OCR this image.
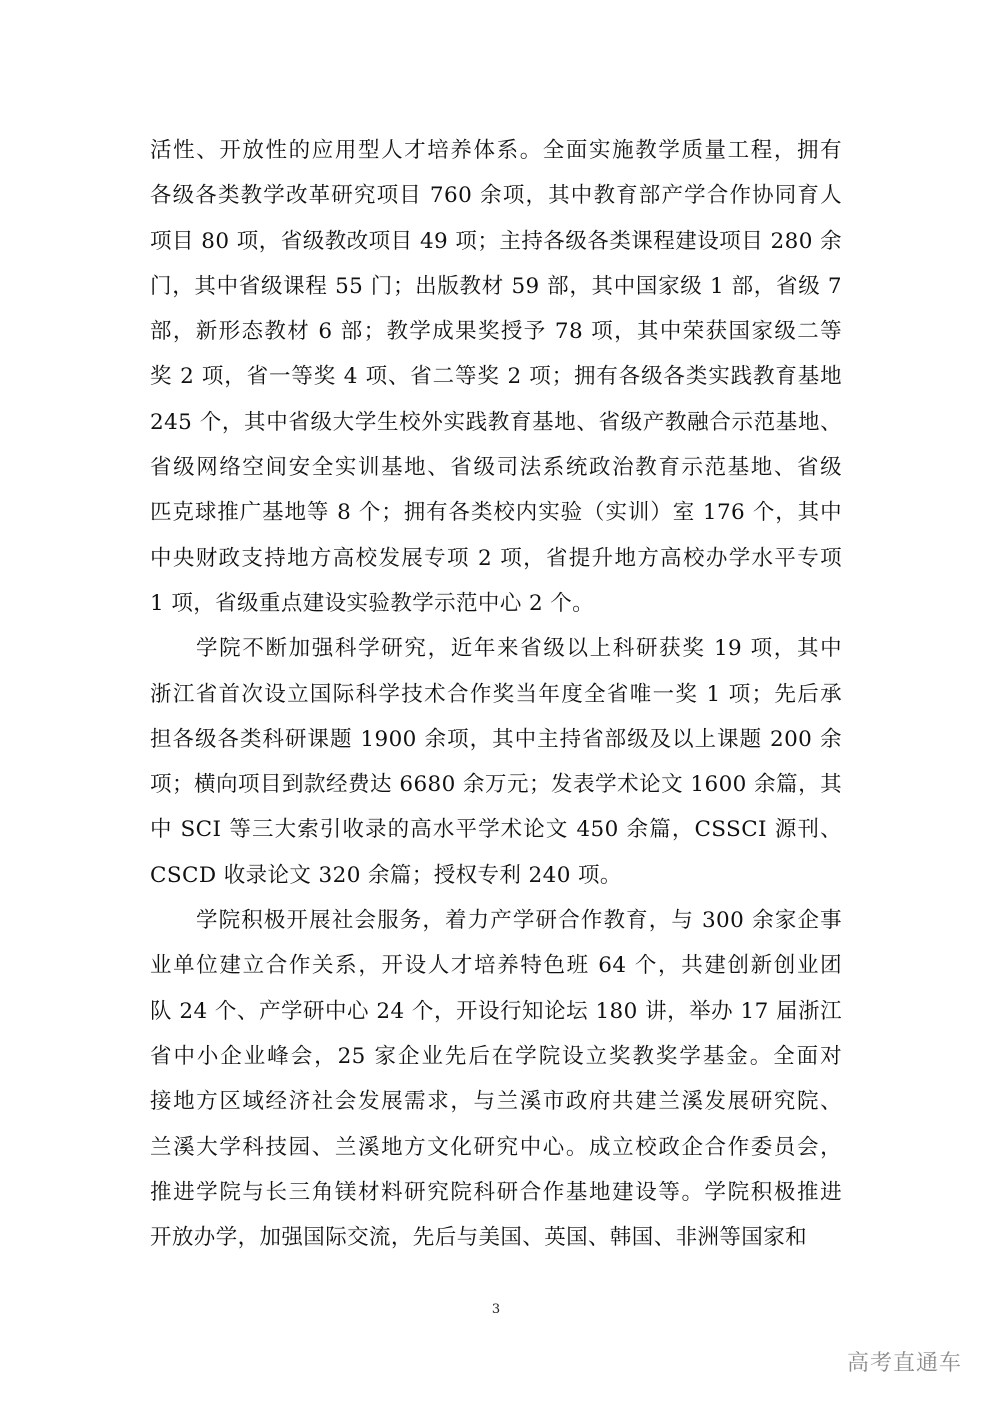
活性、开放性的应用型人才培养体系。全面实施教学质量工程，拥有
各级各类教学改革研究项目 760 余项，其中教育部产学合作协同育人
项目 80 项，省级教改项目 49 项；主持各级各类课程建设项目 280 余
门，其中省级课程 55 门；出版教材 59 部，其中国家级 1 部，省级 7
部，新形态教材 6 部；教学成果奖授予 78 项，其中荣获国家级二等
奖 2 项，省一等奖 4 项、省二等奖 2 项；拥有各级各类实践教育基地
245 个，其中省级大学生校外实践教育基地、省级产教融合示范基地、
省级网络空间安全实训基地、省级司法系统政治教育示范基地、省级
匹克球推广基地等 8 个；拥有各类校内实验（实训）室 176 个，其中
中央财政支持地方高校发展专项 2 项，省提升地方高校办学水平专项
1 项，省级重点建设实验教学示范中心 2 个。
学院不断加强科学研究，近年来省级以上科研获奖 19 项，其中
浙江省首次设立国际科学技术合作奖当年度全省唯一奖 1 项；先后承
担各级各类科研课题 1900 余项，其中主持省部级及以上课题 200 余
项；横向项目到款经费达 6680 余万元；发表学术论文 1600 余篇，其
中 SCI 等三大索引收录的高水平学术论文 450 余篇，CSSCI 源刊、
CSCD 收录论文 320 余篇；授权专利 240 项。
学院积极开展社会服务，着力产学研合作教育，与 300 余家企事
业单位建立合作关系，开设人才培养特色班 64 个，共建创新创业团
队 24 个、产学研中心 24 个，开设行知论坛 180 讲，举办 17 届浙江
省中小企业峰会，25 家企业先后在学院设立奖教奖学基金。全面对
接地方区域经济社会发展需求，与兰溪市政府共建兰溪发展研究院、
兰溪大学科技园、兰溪地方文化研究中心。成立校政企合作委员会，
推进学院与长三角镁材料研究院科研合作基地建设等。学院积极推进
开放办学，加强国际交流，先后与美国、英国、韩国、非洲等国家和
3
高考直通车
